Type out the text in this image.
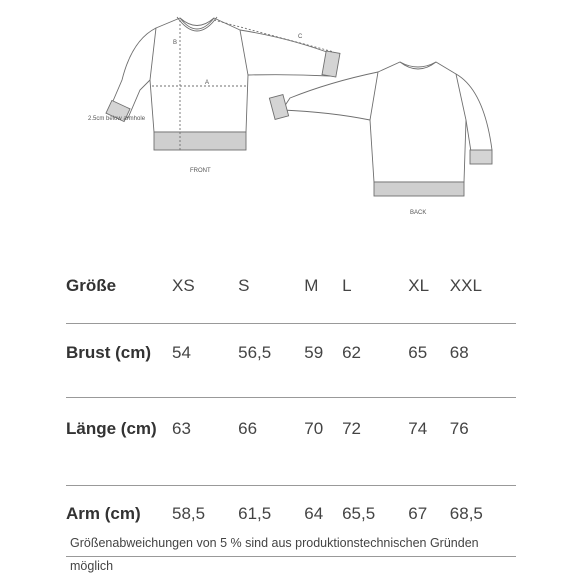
A
B
C
2.5cm below armhole
FRONT
BACK
Größe	XS	S	M	L	XL	XXL
Brust (cm)	54	56,5	59	62	65	68
Länge (cm)	63	66	70	72	74	76
Arm (cm)	58,5	61,5	64	65,5	67	68,5
Größenabweichungen von 5 % sind aus produktionstechnischen Gründen möglich
